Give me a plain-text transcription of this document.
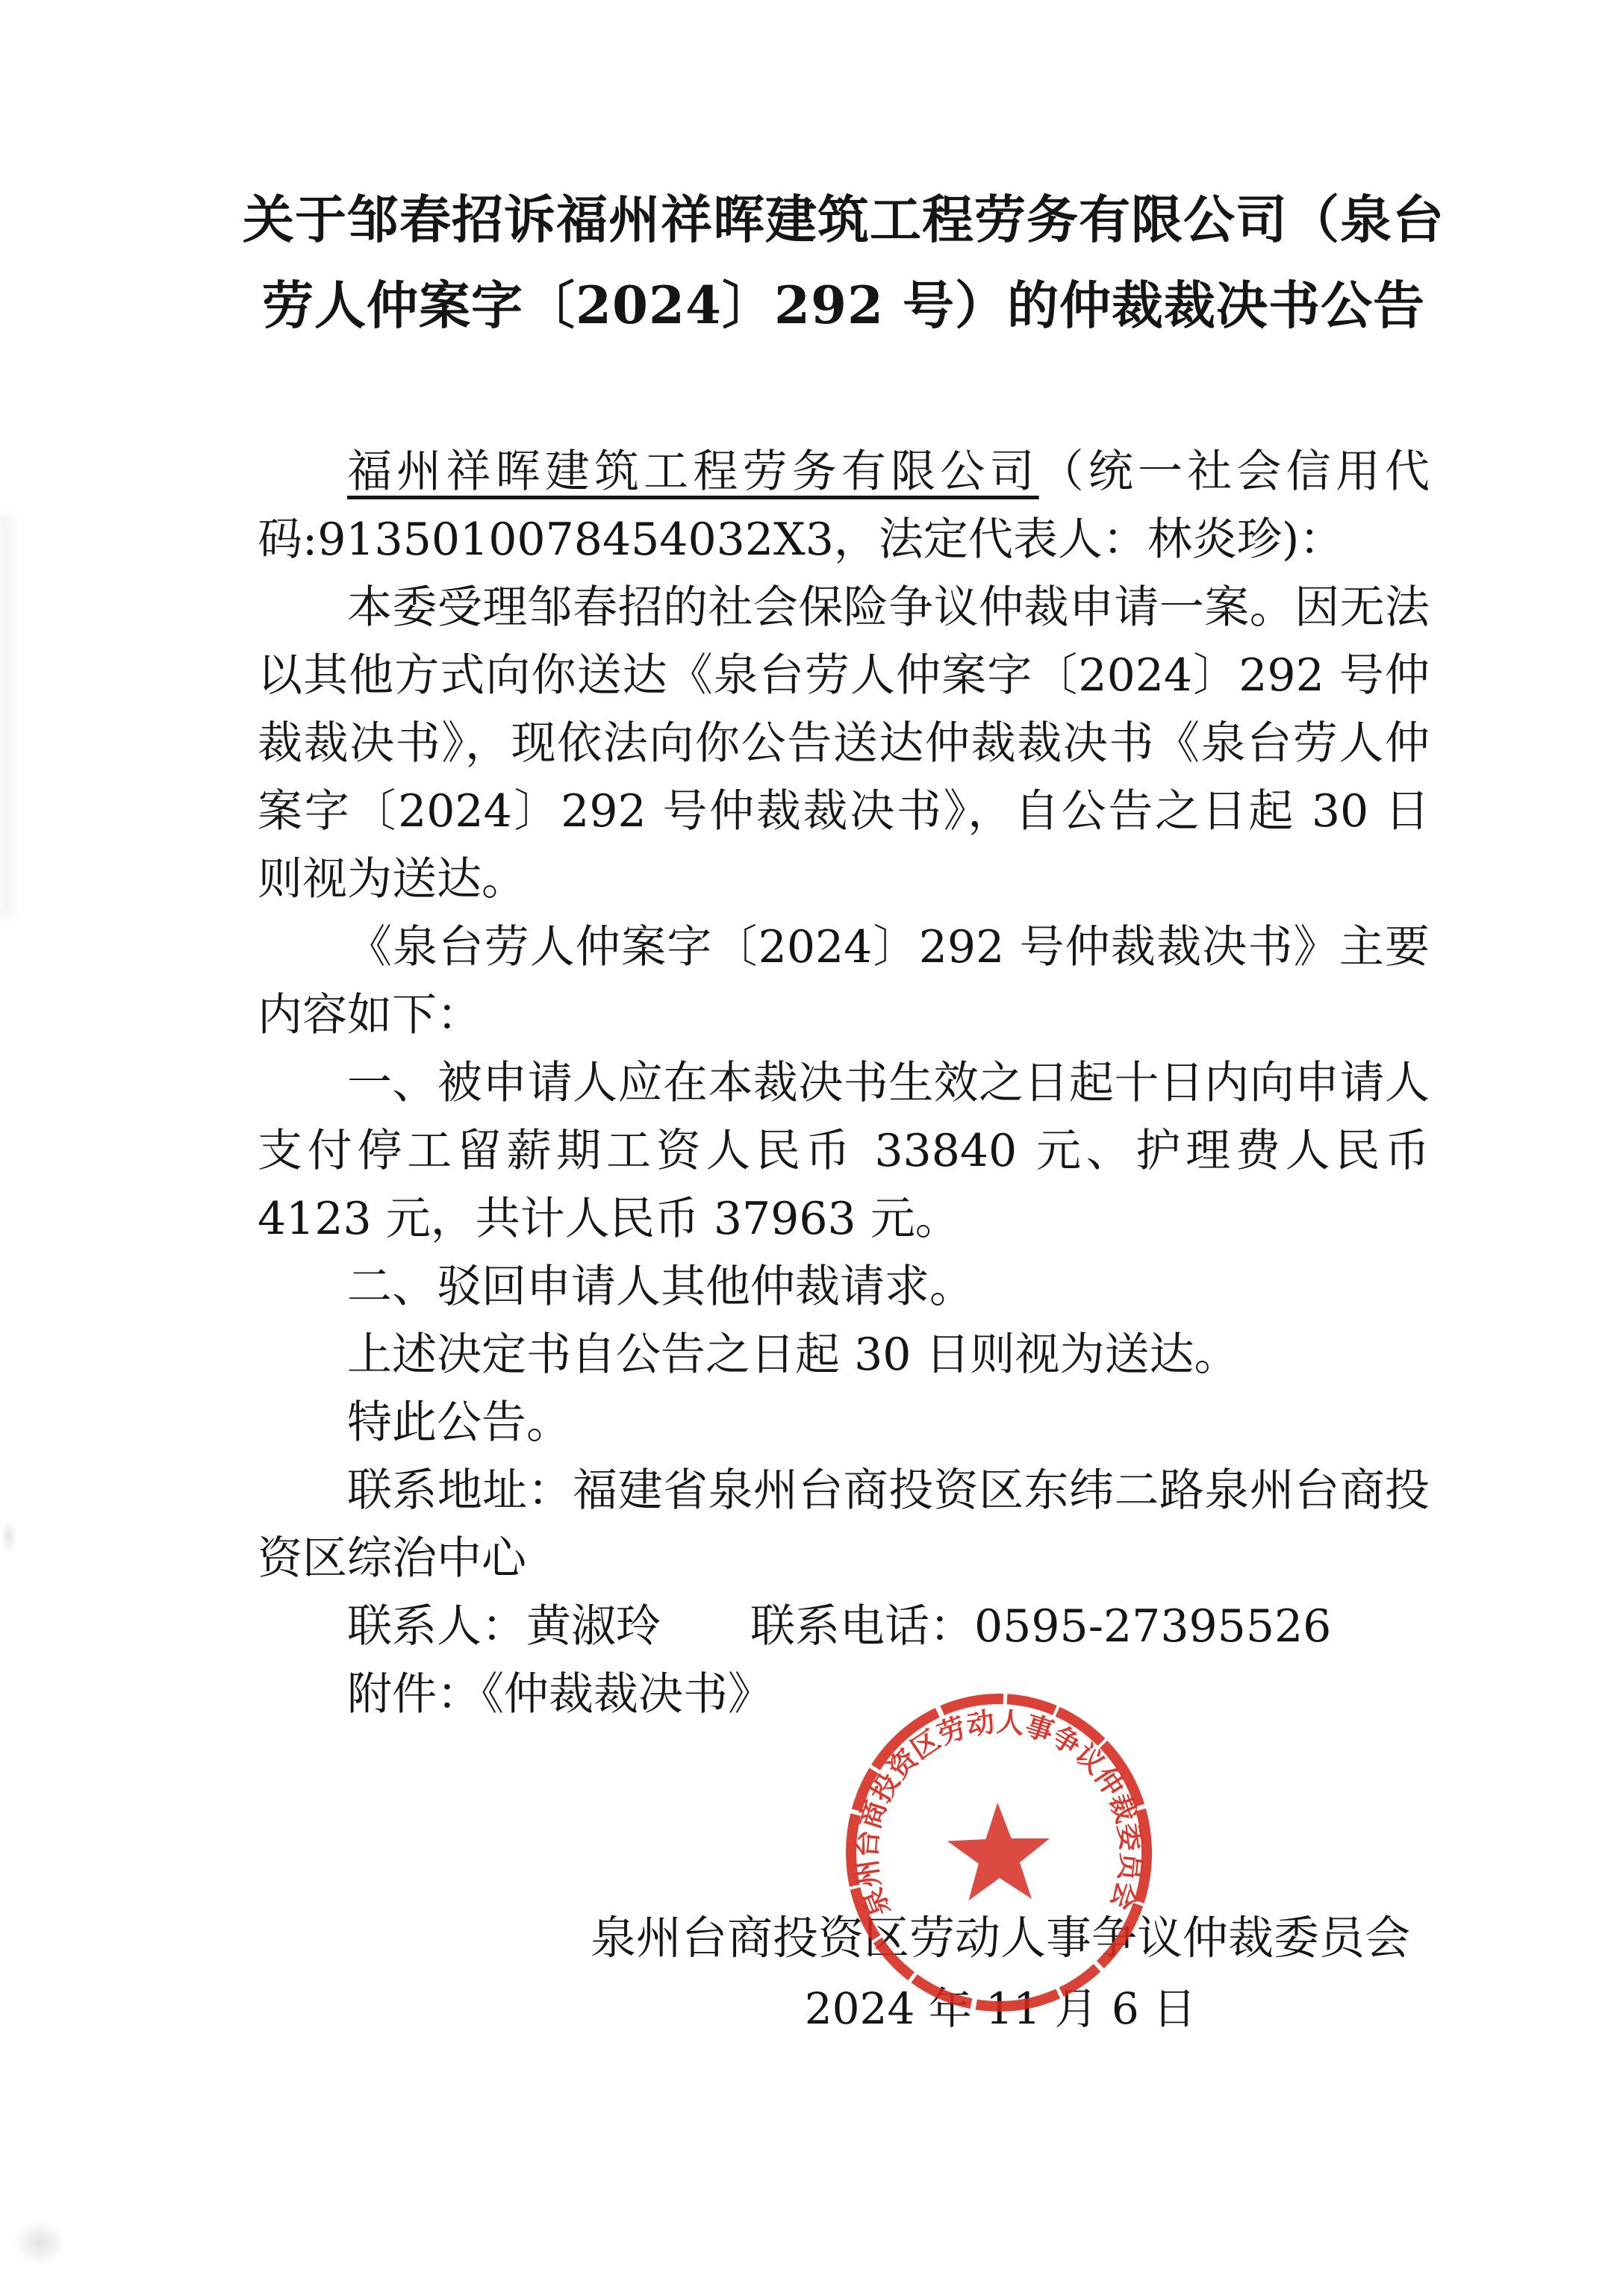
关于邹春招诉福州祥晖建筑工程劳务有限公司（泉台
劳人仲案字〔2024〕292 号）的仲裁裁决书公告

福州祥晖建筑工程劳务有限公司（统一社会信用代码:9135010078454032X3，法定代表人：林炎珍)：

本委受理邹春招的社会保险争议仲裁申请一案。因无法以其他方式向你送达《泉台劳人仲案字〔2024〕292 号仲裁裁决书》，现依法向你公告送达仲裁裁决书《泉台劳人仲案字〔2024〕292 号仲裁裁决书》，自公告之日起 30 日则视为送达。

《泉台劳人仲案字〔2024〕292 号仲裁裁决书》主要内容如下：

一、被申请人应在本裁决书生效之日起十日内向申请人支付停工留薪期工资人民币 33840 元、护理费人民币 4123 元，共计人民币 37963 元。

二、驳回申请人其他仲裁请求。

上述决定书自公告之日起 30 日则视为送达。

特此公告。

联系地址：福建省泉州台商投资区东纬二路泉州台商投资区综治中心

联系人：黄淑玲　　联系电话：0595-27395526

附件：《仲裁裁决书》

泉州台商投资区劳动人事争议仲裁委员会
2024 年 11 月 6 日
泉州台商投资区劳动人事争议仲裁委员会
